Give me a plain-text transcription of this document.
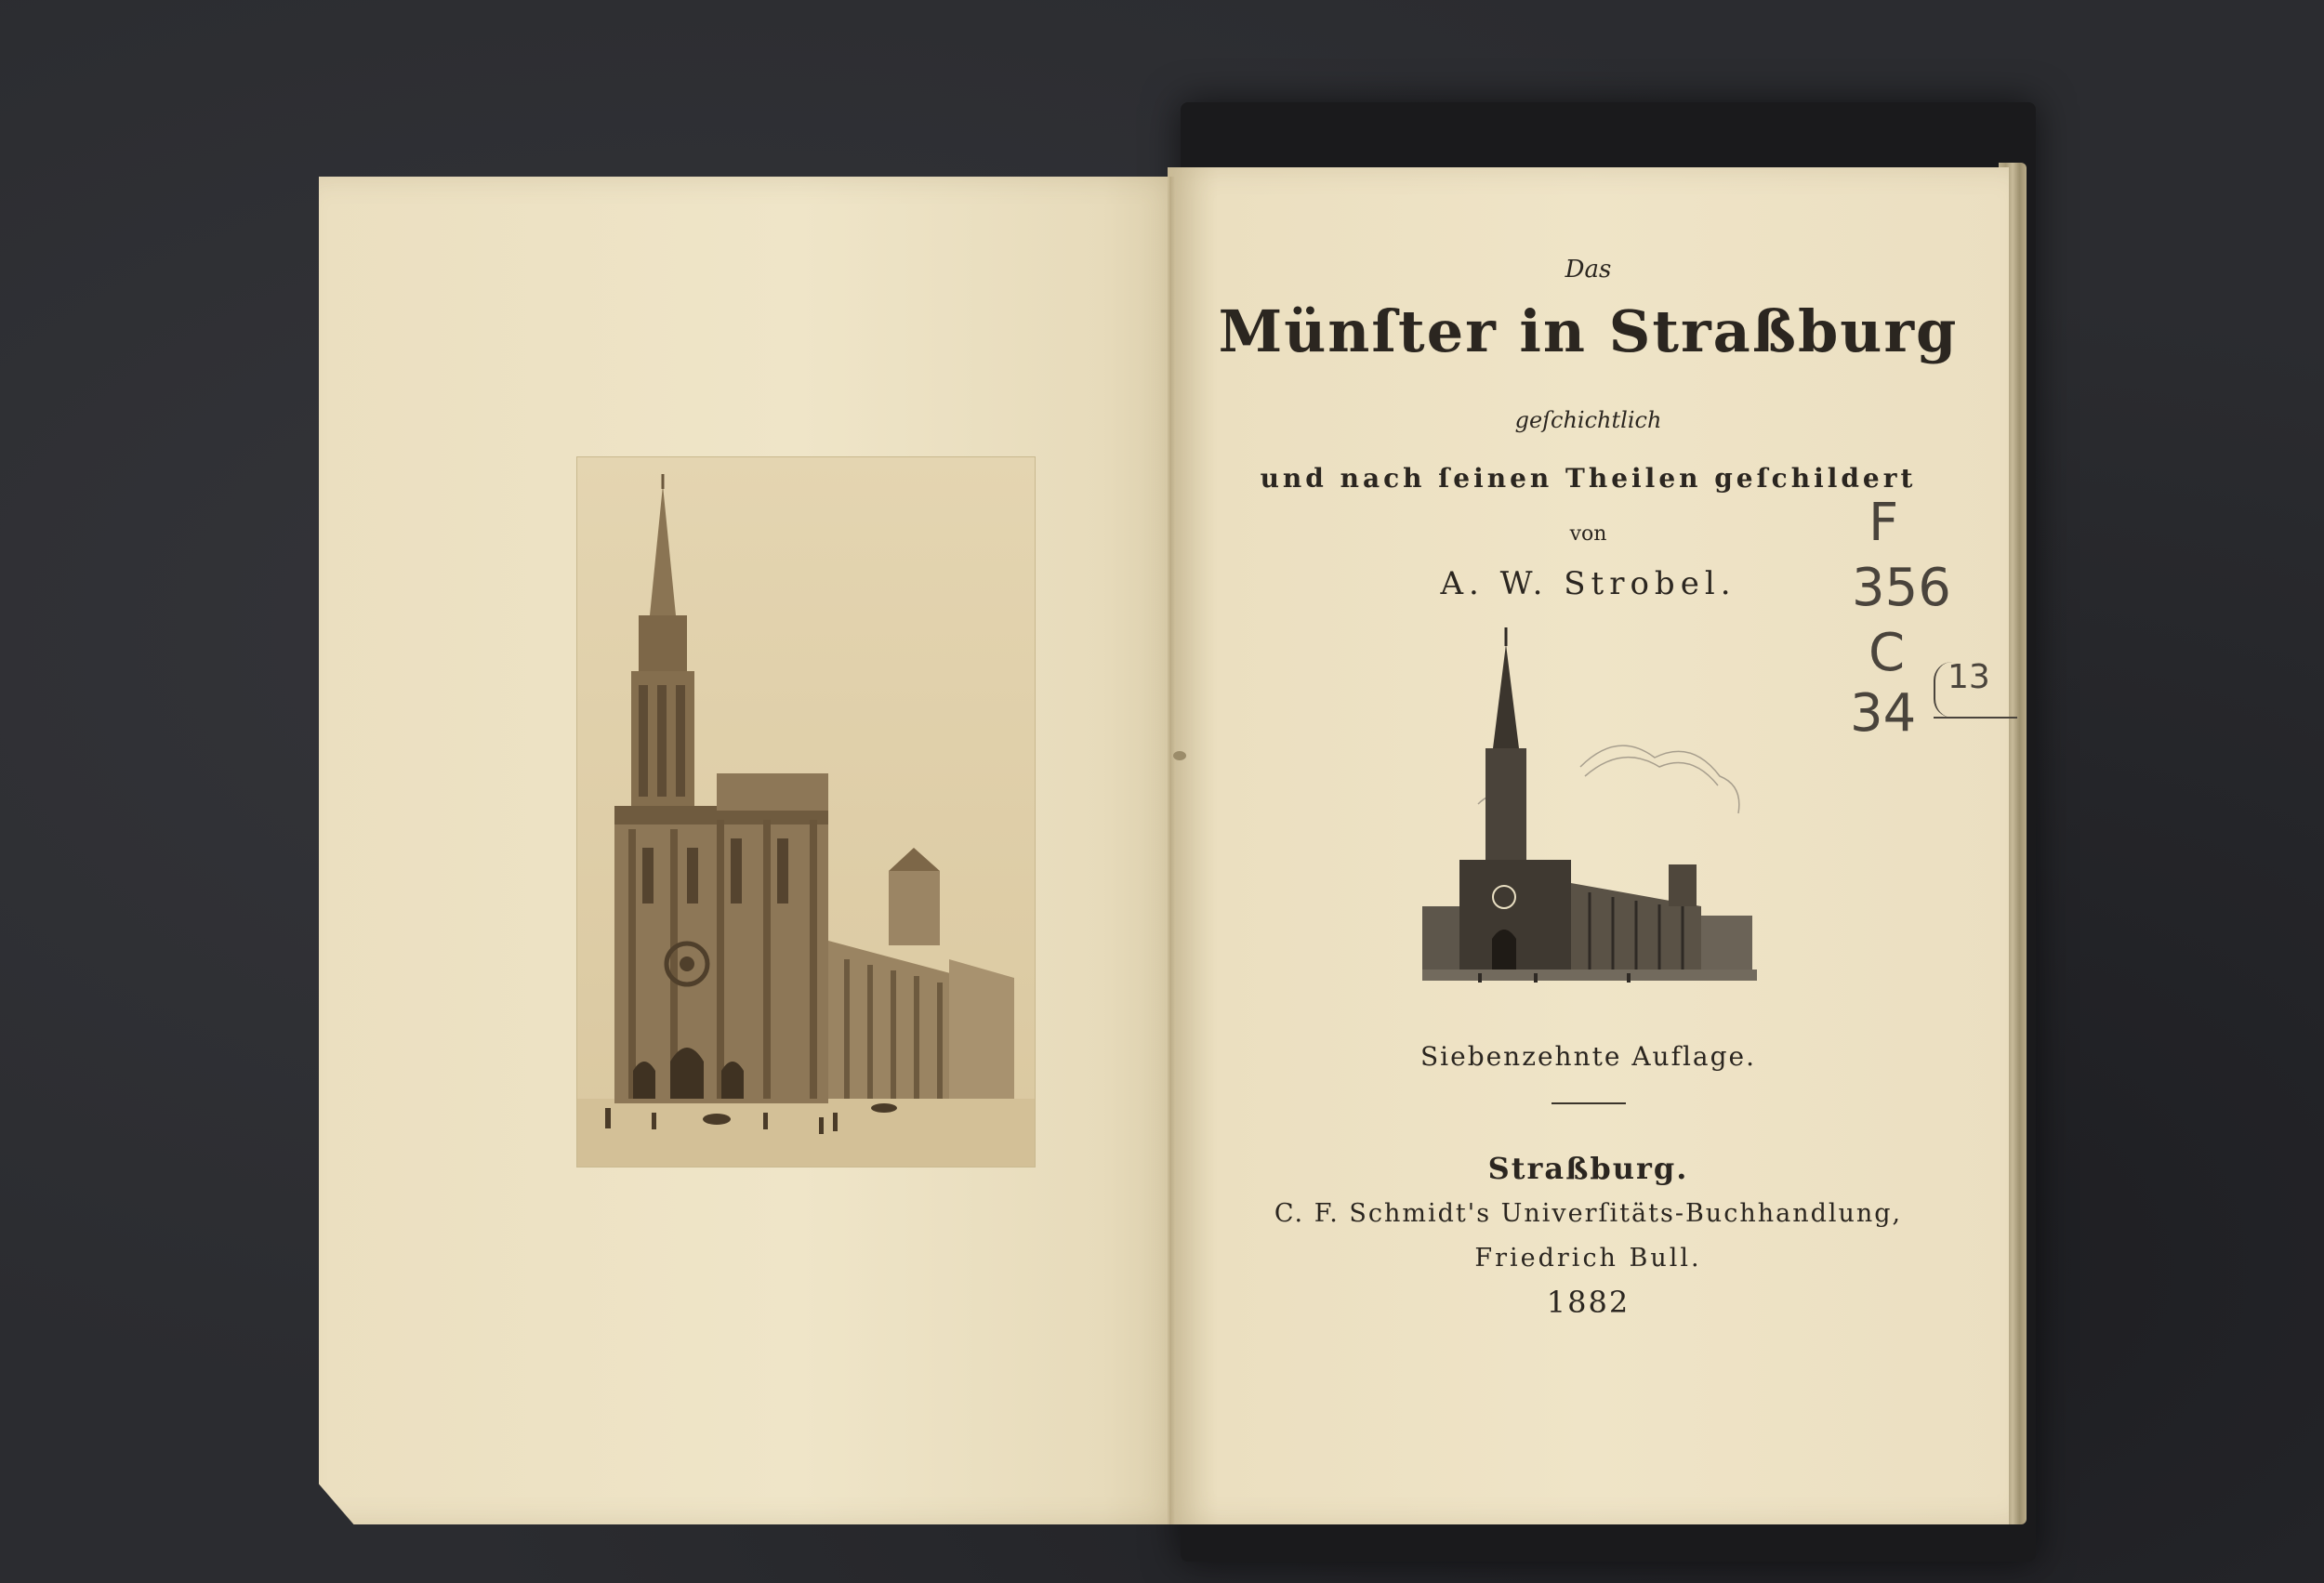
Das
Münſter in Straßburg
geſchichtlich
und nach ſeinen Theilen geſchildert
von
A. W. Strobel.
Siebenzehnte Auflage.
Straßburg.
C. F. Schmidt's Univerſitäts-Buchhandlung,
Friedrich Bull.
1882
F
356
C
34
13
